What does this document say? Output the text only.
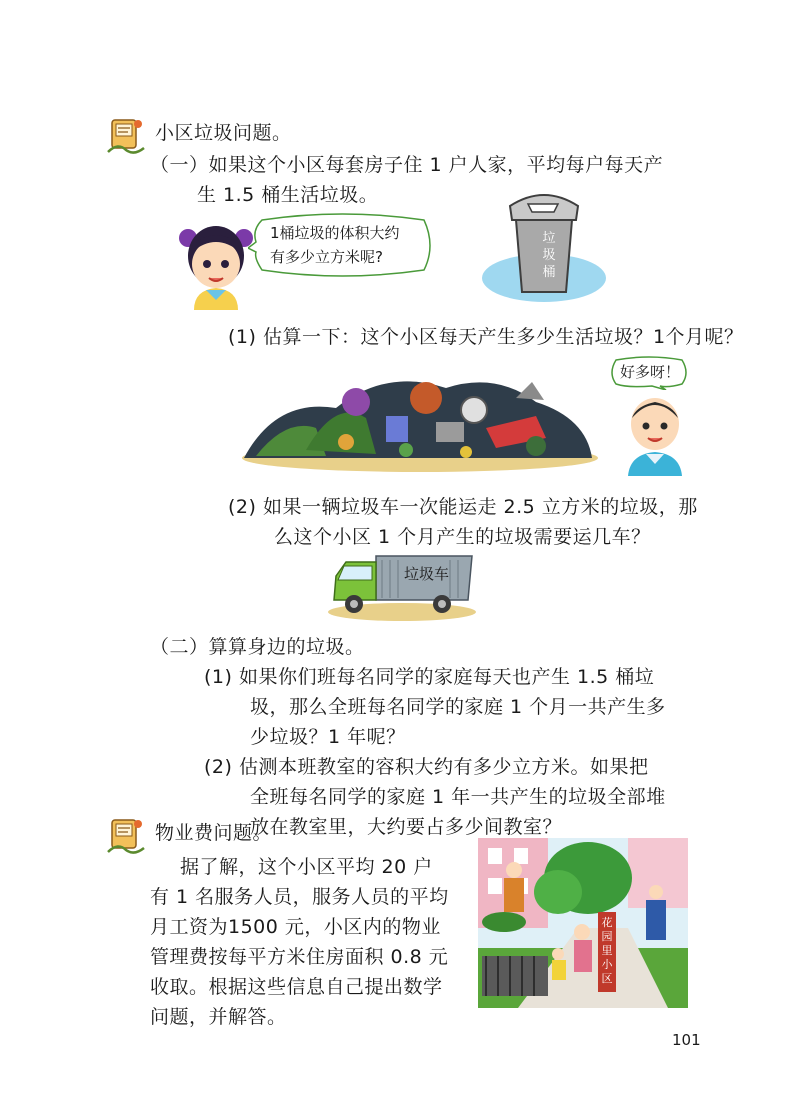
小区垃圾问题。
（一）如果这个小区每套房子住 1 户人家，平均每户每天产
生 1.5 桶生活垃圾。
1桶垃圾的体积大约
有多少立方米呢?
垃
圾
桶
(1) 估算一下：这个小区每天产生多少生活垃圾？1个月呢？
好多呀！
(2) 如果一辆垃圾车一次能运走 2.5 立方米的垃圾，那
么这个小区 1 个月产生的垃圾需要运几车？
垃圾车
（二）算算身边的垃圾。
(1) 如果你们班每名同学的家庭每天也产生 1.5 桶垃
圾，那么全班每名同学的家庭 1 个月一共产生多
少垃圾？1 年呢？
(2) 估测本班教室的容积大约有多少立方米。如果把
全班每名同学的家庭 1 年一共产生的垃圾全部堆
放在教室里，大约要占多少间教室？
物业费问题。
据了解，这个小区平均 20 户
有 1 名服务人员，服务人员的平均
月工资为1500 元，小区内的物业
管理费按每平方米住房面积 0.8 元
收取。根据这些信息自己提出数学
问题，并解答。
花
园
里
小
区
101
